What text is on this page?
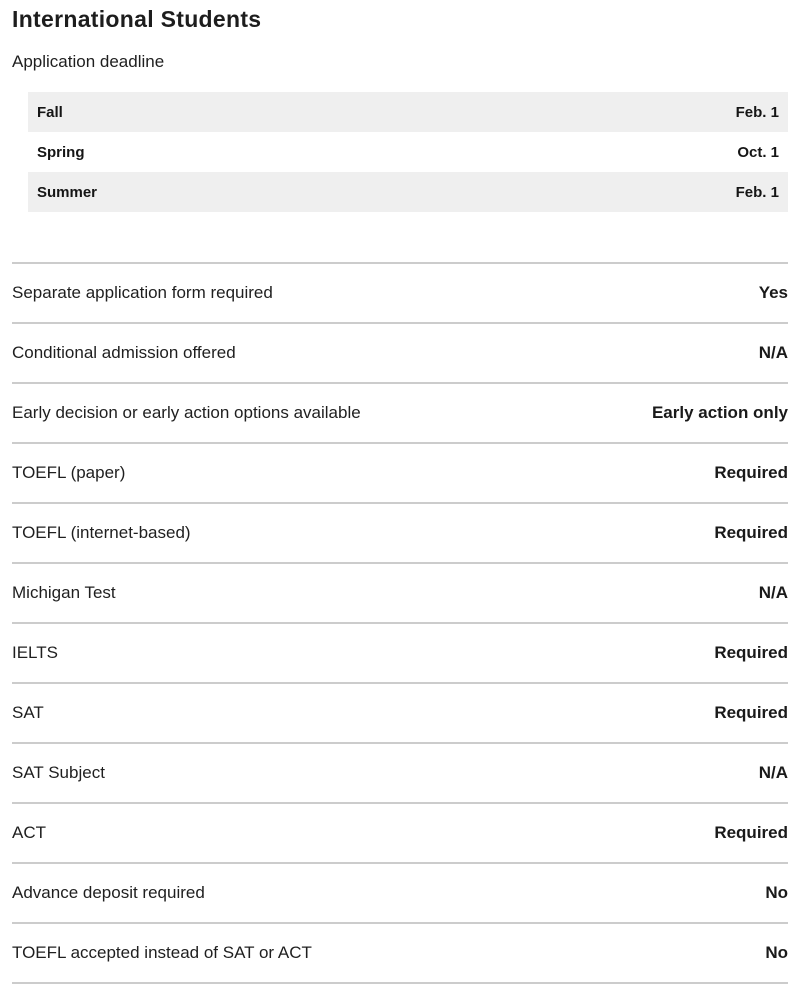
International Students

Application deadline

Fall	Feb. 1
Spring	Oct. 1
Summer	Feb. 1
Separate application form required	Yes
Conditional admission offered	N/A
Early decision or early action options available	Early action only
TOEFL (paper)	Required
TOEFL (internet-based)	Required
Michigan Test	N/A
IELTS	Required
SAT	Required
SAT Subject	N/A
ACT	Required
Advance deposit required	No
TOEFL accepted instead of SAT or ACT	No
